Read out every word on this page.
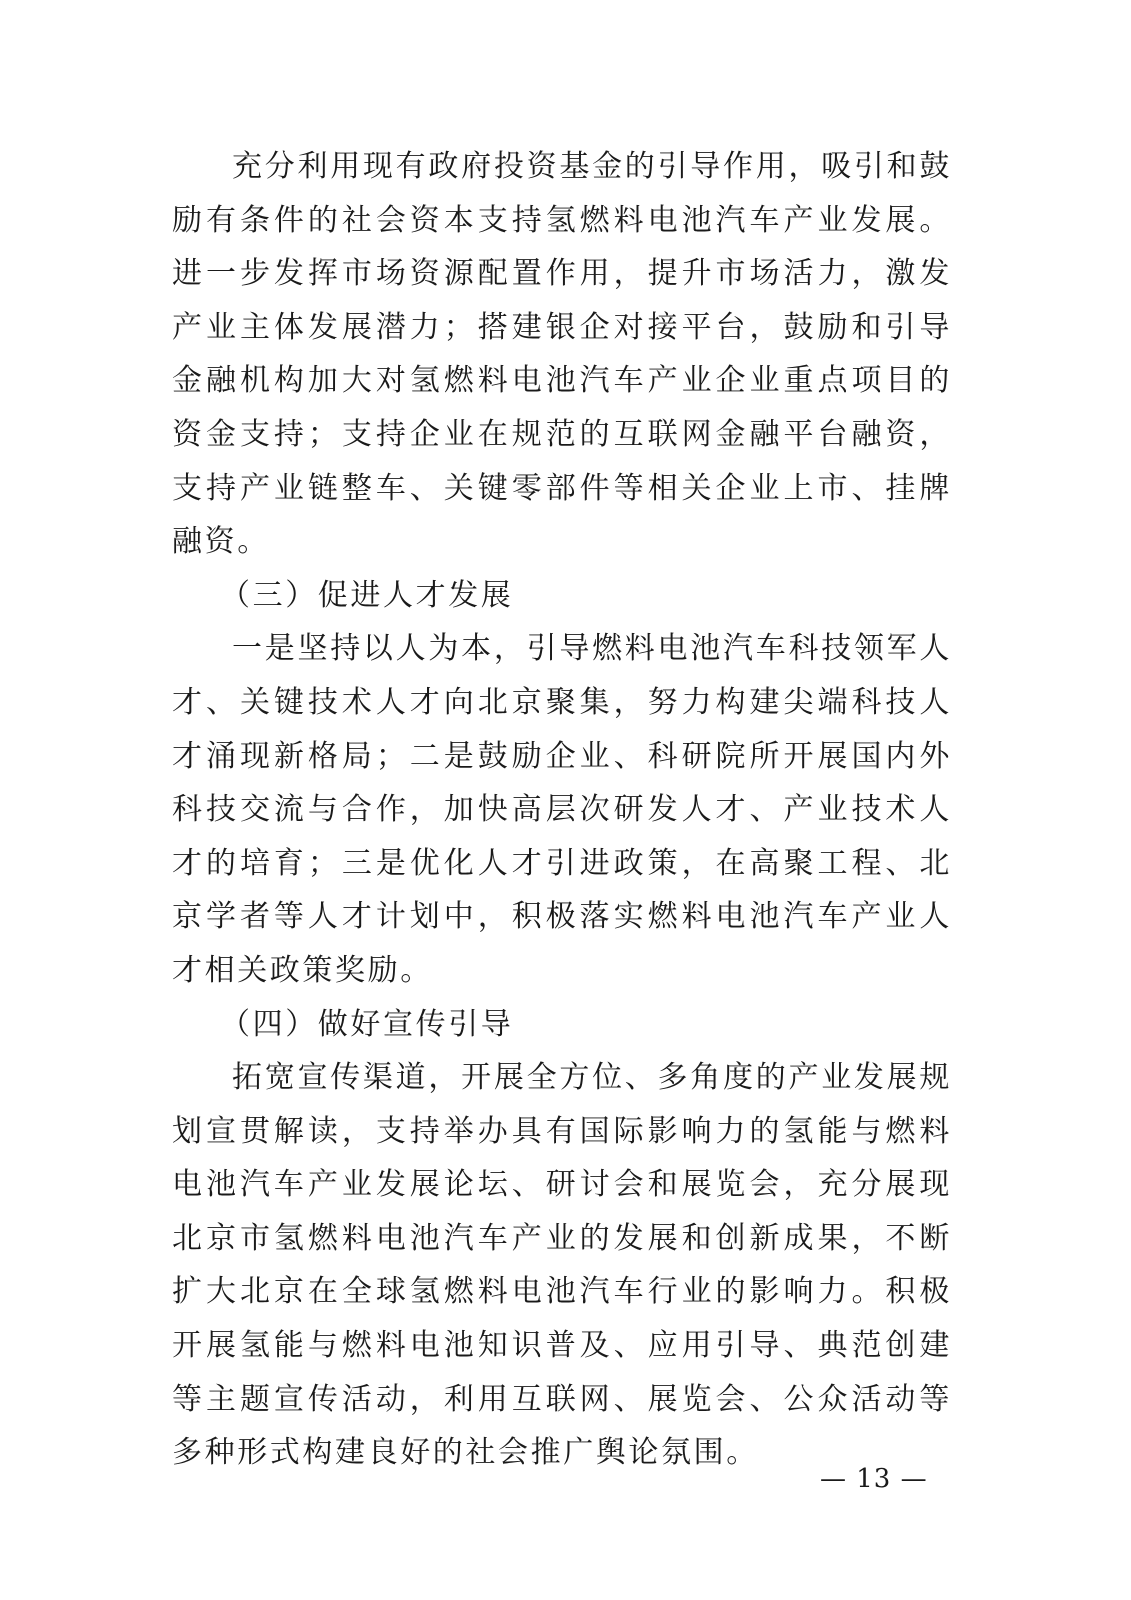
充分利用现有政府投资基金的引导作用，吸引和鼓励有条件的社会资本支持氢燃料电池汽车产业发展。进一步发挥市场资源配置作用，提升市场活力，激发产业主体发展潜力；搭建银企对接平台，鼓励和引导金融机构加大对氢燃料电池汽车产业企业重点项目的资金支持；支持企业在规范的互联网金融平台融资，支持产业链整车、关键零部件等相关企业上市、挂牌融资。

（三）促进人才发展

一是坚持以人为本，引导燃料电池汽车科技领军人才、关键技术人才向北京聚集，努力构建尖端科技人才涌现新格局；二是鼓励企业、科研院所开展国内外科技交流与合作，加快高层次研发人才、产业技术人才的培育；三是优化人才引进政策，在高聚工程、北京学者等人才计划中，积极落实燃料电池汽车产业人才相关政策奖励。

（四）做好宣传引导

拓宽宣传渠道，开展全方位、多角度的产业发展规划宣贯解读，支持举办具有国际影响力的氢能与燃料电池汽车产业发展论坛、研讨会和展览会，充分展现北京市氢燃料电池汽车产业的发展和创新成果，不断扩大北京在全球氢燃料电池汽车行业的影响力。积极开展氢能与燃料电池知识普及、应用引导、典范创建等主题宣传活动，利用互联网、展览会、公众活动等多种形式构建良好的社会推广舆论氛围。

— 13 —
